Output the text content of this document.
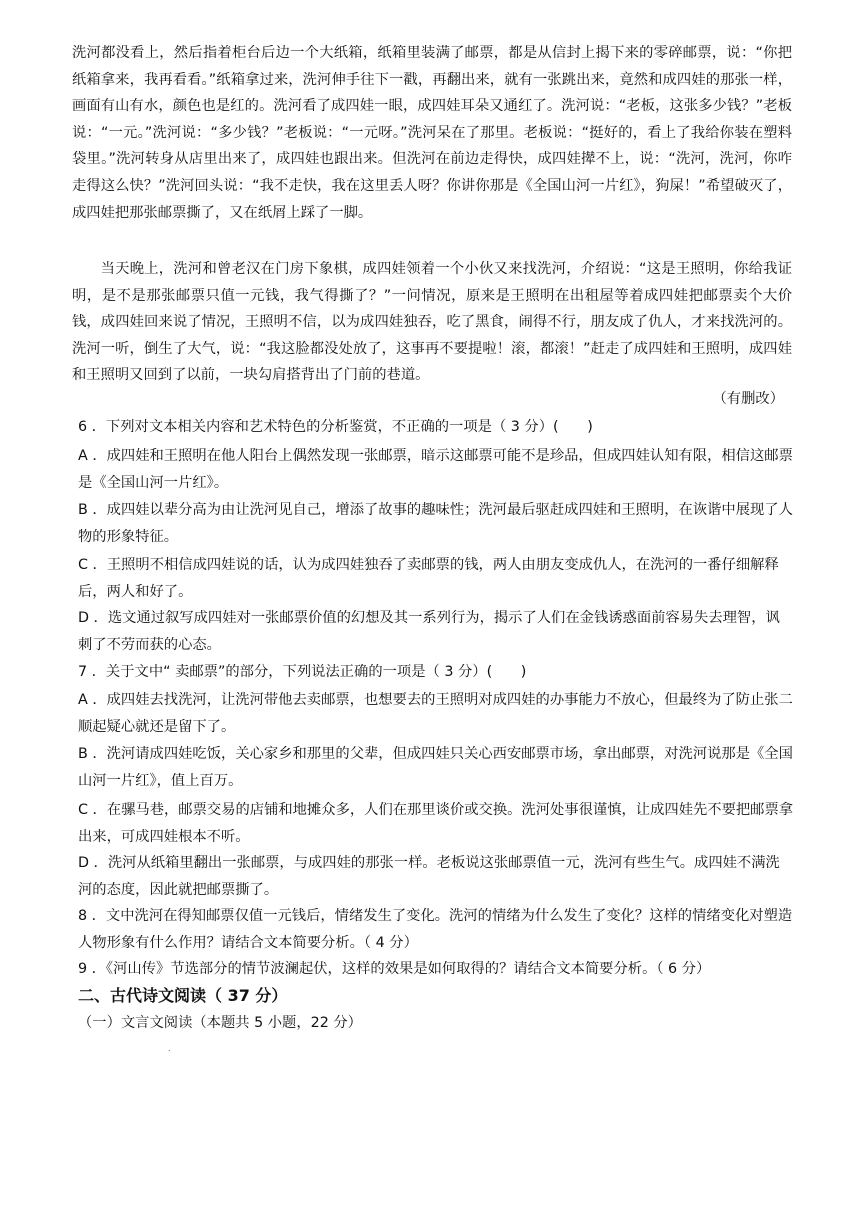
洗河都没看上，然后指着柜台后边一个大纸箱，纸箱里装满了邮票，都是从信封上揭下来的零碎邮票，说：“你把纸箱拿来，我再看看。”纸箱拿过来，洗河伸手往下一戳，再翻出来，就有一张跳出来，竟然和成四娃的那张一样，画面有山有水，颜色也是红的。洗河看了成四娃一眼，成四娃耳朵又通红了。洗河说：“老板，这张多少钱？”老板说：“一元。”洗河说：“多少钱？”老板说：“一元呀。”洗河呆在了那里。老板说：“挺好的，看上了我给你装在塑料袋里。”洗河转身从店里出来了，成四娃也跟出来。但洗河在前边走得快，成四娃撵不上，说：“洗河，洗河，你咋走得这么快？”洗河回头说：“我不走快，我在这里丢人呀？你讲你那是《全国山河一片红》，狗屎！”希望破灭了，成四娃把那张邮票撕了，又在纸屑上踩了一脚。

当天晚上，洗河和曾老汉在门房下象棋，成四娃领着一个小伙又来找洗河，介绍说：“这是王照明，你给我证明，是不是那张邮票只值一元钱，我气得撕了？”一问情况，原来是王照明在出租屋等着成四娃把邮票卖个大价钱，成四娃回来说了情况，王照明不信，以为成四娃独吞，吃了黑食，闹得不行，朋友成了仇人，才来找洗河的。洗河一听，倒生了大气，说：“我这脸都没处放了，这事再不要提啦！滚，都滚！”赶走了成四娃和王照明，成四娃和王照明又回到了以前，一块勾肩搭背出了门前的巷道。

（有删改）

6 ．下列对文本相关内容和艺术特色的分析鉴赏，不正确的一项是（ 3 分）(　　)

A ．成四娃和王照明在他人阳台上偶然发现一张邮票，暗示这邮票可能不是珍品，但成四娃认知有限，相信这邮票是《全国山河一片红》。

B ．成四娃以辈分高为由让洗河见自己，增添了故事的趣味性；洗河最后驱赶成四娃和王照明，在诙谐中展现了人物的形象特征。

C ．王照明不相信成四娃说的话，认为成四娃独吞了卖邮票的钱，两人由朋友变成仇人，在洗河的一番仔细解释后，两人和好了。

D ．选文通过叙写成四娃对一张邮票价值的幻想及其一系列行为，揭示了人们在金钱诱惑面前容易失去理智，讽刺了不劳而获的心态。

7 ．关于文中“ 卖邮票”的部分，下列说法正确的一项是（ 3 分）(　　)

A ．成四娃去找洗河，让洗河带他去卖邮票，也想要去的王照明对成四娃的办事能力不放心，但最终为了防止张二顺起疑心就还是留下了。

B ．洗河请成四娃吃饭，关心家乡和那里的父辈，但成四娃只关心西安邮票市场，拿出邮票，对洗河说那是《全国山河一片红》，值上百万。

C ．在骡马巷，邮票交易的店铺和地摊众多，人们在那里谈价或交换。洗河处事很谨慎，让成四娃先不要把邮票拿出来，可成四娃根本不听。

D ．洗河从纸箱里翻出一张邮票，与成四娃的那张一样。老板说这张邮票值一元，洗河有些生气。成四娃不满洗河的态度，因此就把邮票撕了。

8 ．文中洗河在得知邮票仅值一元钱后，情绪发生了变化。洗河的情绪为什么发生了变化？这样的情绪变化对塑造人物形象有什么作用？请结合文本简要分析。（ 4 分）

9 ．《河山传》节选部分的情节波澜起伏，这样的效果是如何取得的？请结合文本简要分析。（ 6 分）

二、古代诗文阅读（ 37 分）

（一）文言文阅读（本题共 5 小题，22 分）

.
